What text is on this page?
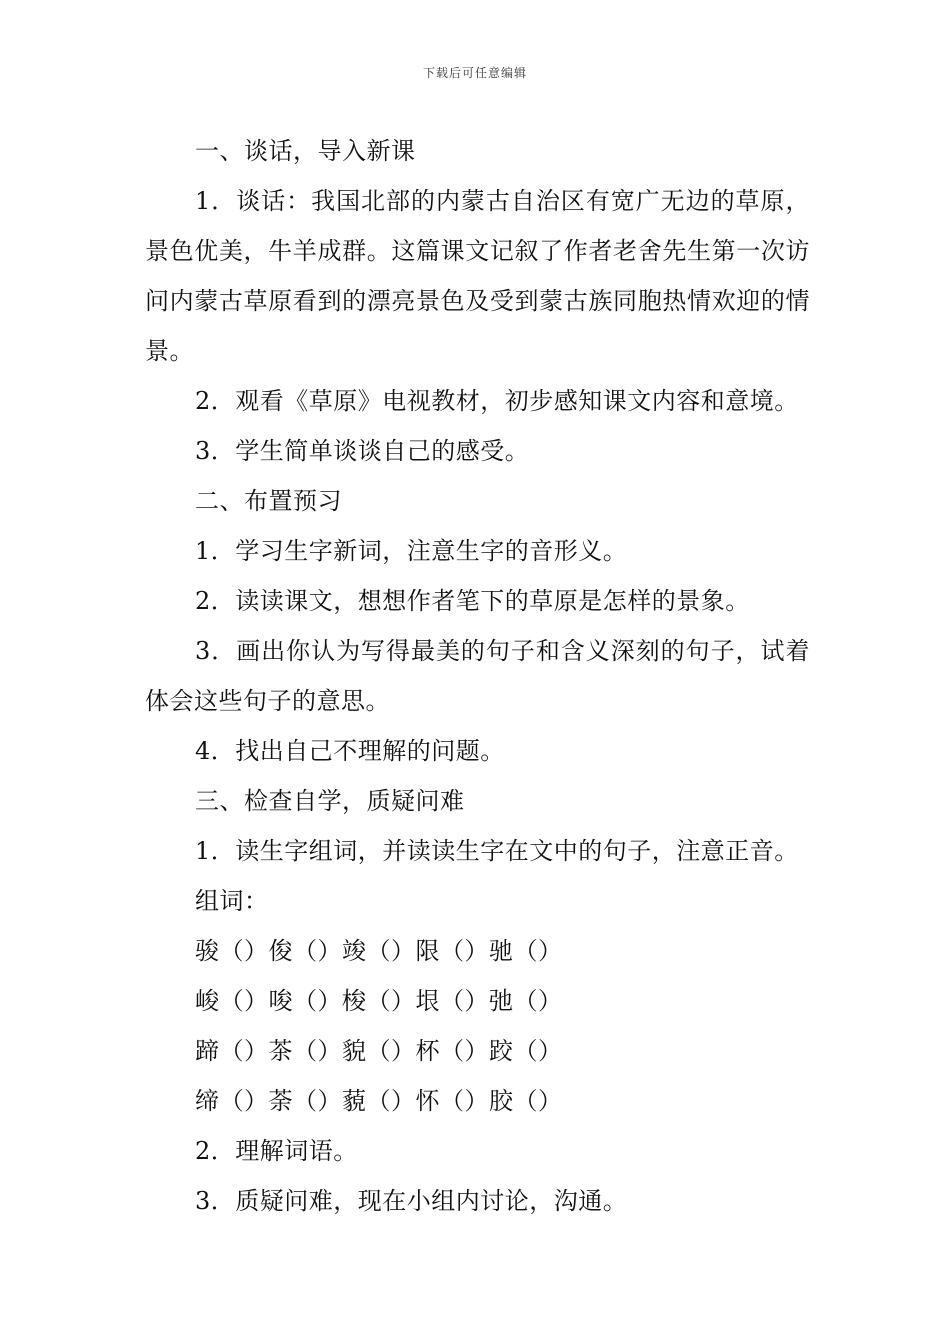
下载后可任意编辑

一、谈话，导入新课

1．谈话：我国北部的内蒙古自治区有宽广无边的草原，景色优美，牛羊成群。这篇课文记叙了作者老舍先生第一次访问内蒙古草原看到的漂亮景色及受到蒙古族同胞热情欢迎的情景。

2．观看《草原》电视教材，初步感知课文内容和意境。

3．学生简单谈谈自己的感受。

二、布置预习

1．学习生字新词，注意生字的音形义。

2．读读课文，想想作者笔下的草原是怎样的景象。

3．画出你认为写得最美的句子和含义深刻的句子，试着体会这些句子的意思。

4．找出自己不理解的问题。

三、检查自学，质疑问难

1．读生字组词，并读读生字在文中的句子，注意正音。

组词：

骏（）俊（）竣（）限（）驰（）

峻（）唆（）梭（）垠（）弛（）

蹄（）茶（）貌（）杯（）跤（）

缔（）荼（）藐（）怀（）胶（）

2．理解词语。

3．质疑问难，现在小组内讨论，沟通。
